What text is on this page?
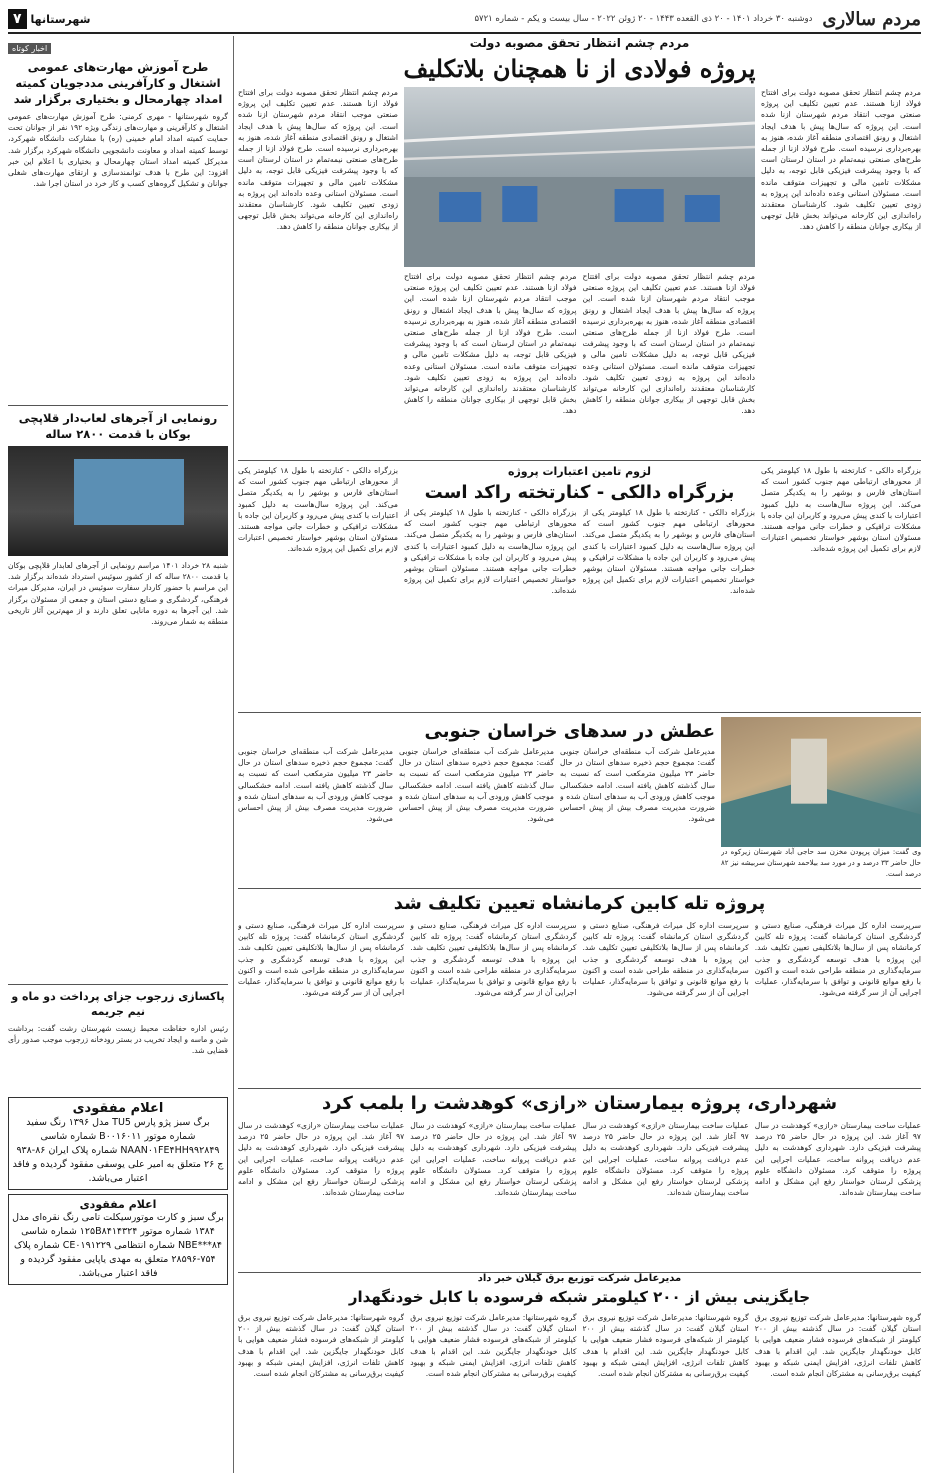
مردم سالاری
دوشنبه ۳۰ خرداد ۱۴۰۱ - ۲۰ ذی القعده ۱۴۴۳ - ۲۰ ژوئن ۲۰۲۲ - سال بیست و یکم - شماره ۵۷۲۱
شهرستانها
۷
مردم چشم انتظار تحقق مصوبه دولت
پروژه فولادی از نا همچنان بلاتکلیف
مردم چشم انتظار تحقق مصوبه دولت برای افتتاح فولاد ازنا هستند. عدم تعیین تکلیف این پروژه صنعتی موجب انتقاد مردم شهرستان ازنا شده است. این پروژه که سال‌ها پیش با هدف ایجاد اشتغال و رونق اقتصادی منطقه آغاز شده، هنوز به بهره‌برداری نرسیده است. طرح فولاد ازنا از جمله طرح‌های صنعتی نیمه‌تمام در استان لرستان است که با وجود پیشرفت فیزیکی قابل توجه، به دلیل مشکلات تامین مالی و تجهیزات متوقف مانده است. مسئولان استانی وعده داده‌اند این پروژه به زودی تعیین تکلیف شود. کارشناسان معتقدند راه‌اندازی این کارخانه می‌تواند بخش قابل توجهی از بیکاری جوانان منطقه را کاهش دهد.
مردم چشم انتظار تحقق مصوبه دولت برای افتتاح فولاد ازنا هستند. عدم تعیین تکلیف این پروژه صنعتی موجب انتقاد مردم شهرستان ازنا شده است. این پروژه که سال‌ها پیش با هدف ایجاد اشتغال و رونق اقتصادی منطقه آغاز شده، هنوز به بهره‌برداری نرسیده است. طرح فولاد ازنا از جمله طرح‌های صنعتی نیمه‌تمام در استان لرستان است که با وجود پیشرفت فیزیکی قابل توجه، به دلیل مشکلات تامین مالی و تجهیزات متوقف مانده است. مسئولان استانی وعده داده‌اند این پروژه به زودی تعیین تکلیف شود. کارشناسان معتقدند راه‌اندازی این کارخانه می‌تواند بخش قابل توجهی از بیکاری جوانان منطقه را کاهش دهد.
مردم چشم انتظار تحقق مصوبه دولت برای افتتاح فولاد ازنا هستند. عدم تعیین تکلیف این پروژه صنعتی موجب انتقاد مردم شهرستان ازنا شده است. این پروژه که سال‌ها پیش با هدف ایجاد اشتغال و رونق اقتصادی منطقه آغاز شده، هنوز به بهره‌برداری نرسیده است. طرح فولاد ازنا از جمله طرح‌های صنعتی نیمه‌تمام در استان لرستان است که با وجود پیشرفت فیزیکی قابل توجه، به دلیل مشکلات تامین مالی و تجهیزات متوقف مانده است. مسئولان استانی وعده داده‌اند این پروژه به زودی تعیین تکلیف شود. کارشناسان معتقدند راه‌اندازی این کارخانه می‌تواند بخش قابل توجهی از بیکاری جوانان منطقه را کاهش دهد.
مردم چشم انتظار تحقق مصوبه دولت برای افتتاح فولاد ازنا هستند. عدم تعیین تکلیف این پروژه صنعتی موجب انتقاد مردم شهرستان ازنا شده است. این پروژه که سال‌ها پیش با هدف ایجاد اشتغال و رونق اقتصادی منطقه آغاز شده، هنوز به بهره‌برداری نرسیده است. طرح فولاد ازنا از جمله طرح‌های صنعتی نیمه‌تمام در استان لرستان است که با وجود پیشرفت فیزیکی قابل توجه، به دلیل مشکلات تامین مالی و تجهیزات متوقف مانده است. مسئولان استانی وعده داده‌اند این پروژه به زودی تعیین تکلیف شود. کارشناسان معتقدند راه‌اندازی این کارخانه می‌تواند بخش قابل توجهی از بیکاری جوانان منطقه را کاهش دهد.
بزرگراه دالکی - کنارتخته با طول ۱۸ کیلومتر یکی از محورهای ارتباطی مهم جنوب کشور است که استان‌های فارس و بوشهر را به یکدیگر متصل می‌کند. این پروژه سال‌هاست به دلیل کمبود اعتبارات با کندی پیش می‌رود و کاربران این جاده با مشکلات ترافیکی و خطرات جانی مواجه هستند. مسئولان استان بوشهر خواستار تخصیص اعتبارات لازم برای تکمیل این پروژه شده‌اند.
لزوم تامین اعتبارات پروژه
بزرگراه دالکی - کنارتخته راکد است
بزرگراه دالکی - کنارتخته با طول ۱۸ کیلومتر یکی از محورهای ارتباطی مهم جنوب کشور است که استان‌های فارس و بوشهر را به یکدیگر متصل می‌کند. این پروژه سال‌هاست به دلیل کمبود اعتبارات با کندی پیش می‌رود و کاربران این جاده با مشکلات ترافیکی و خطرات جانی مواجه هستند. مسئولان استان بوشهر خواستار تخصیص اعتبارات لازم برای تکمیل این پروژه شده‌اند.
بزرگراه دالکی - کنارتخته با طول ۱۸ کیلومتر یکی از محورهای ارتباطی مهم جنوب کشور است که استان‌های فارس و بوشهر را به یکدیگر متصل می‌کند. این پروژه سال‌هاست به دلیل کمبود اعتبارات با کندی پیش می‌رود و کاربران این جاده با مشکلات ترافیکی و خطرات جانی مواجه هستند. مسئولان استان بوشهر خواستار تخصیص اعتبارات لازم برای تکمیل این پروژه شده‌اند.
بزرگراه دالکی - کنارتخته با طول ۱۸ کیلومتر یکی از محورهای ارتباطی مهم جنوب کشور است که استان‌های فارس و بوشهر را به یکدیگر متصل می‌کند. این پروژه سال‌هاست به دلیل کمبود اعتبارات با کندی پیش می‌رود و کاربران این جاده با مشکلات ترافیکی و خطرات جانی مواجه هستند. مسئولان استان بوشهر خواستار تخصیص اعتبارات لازم برای تکمیل این پروژه شده‌اند.
وی گفت: میزان پرپودن مخزن سد حاجی آباد شهرستان زیرکوه در حال حاضر ۳۳ درصد و در مورد سد بیلاحمد شهرستان سربیشه نیز ۸۲ درصد است.
عطش در سدهای خراسان جنوبی
مدیرعامل شرکت آب منطقه‌ای خراسان جنوبی گفت: مجموع حجم ذخیره سدهای استان در حال حاضر ۲۳ میلیون مترمکعب است که نسبت به سال گذشته کاهش یافته است. ادامه خشکسالی موجب کاهش ورودی آب به سدهای استان شده و ضرورت مدیریت مصرف بیش از پیش احساس می‌شود.
مدیرعامل شرکت آب منطقه‌ای خراسان جنوبی گفت: مجموع حجم ذخیره سدهای استان در حال حاضر ۲۳ میلیون مترمکعب است که نسبت به سال گذشته کاهش یافته است. ادامه خشکسالی موجب کاهش ورودی آب به سدهای استان شده و ضرورت مدیریت مصرف بیش از پیش احساس می‌شود.
مدیرعامل شرکت آب منطقه‌ای خراسان جنوبی گفت: مجموع حجم ذخیره سدهای استان در حال حاضر ۲۳ میلیون مترمکعب است که نسبت به سال گذشته کاهش یافته است. ادامه خشکسالی موجب کاهش ورودی آب به سدهای استان شده و ضرورت مدیریت مصرف بیش از پیش احساس می‌شود.
پروژه تله کابین کرمانشاه تعیین تکلیف شد
سرپرست اداره کل میراث فرهنگی، صنایع دستی و گردشگری استان کرمانشاه گفت: پروژه تله کابین کرمانشاه پس از سال‌ها بلاتکلیفی تعیین تکلیف شد. این پروژه با هدف توسعه گردشگری و جذب سرمایه‌گذاری در منطقه طراحی شده است و اکنون با رفع موانع قانونی و توافق با سرمایه‌گذار، عملیات اجرایی آن از سر گرفته می‌شود.
سرپرست اداره کل میراث فرهنگی، صنایع دستی و گردشگری استان کرمانشاه گفت: پروژه تله کابین کرمانشاه پس از سال‌ها بلاتکلیفی تعیین تکلیف شد. این پروژه با هدف توسعه گردشگری و جذب سرمایه‌گذاری در منطقه طراحی شده است و اکنون با رفع موانع قانونی و توافق با سرمایه‌گذار، عملیات اجرایی آن از سر گرفته می‌شود.
سرپرست اداره کل میراث فرهنگی، صنایع دستی و گردشگری استان کرمانشاه گفت: پروژه تله کابین کرمانشاه پس از سال‌ها بلاتکلیفی تعیین تکلیف شد. این پروژه با هدف توسعه گردشگری و جذب سرمایه‌گذاری در منطقه طراحی شده است و اکنون با رفع موانع قانونی و توافق با سرمایه‌گذار، عملیات اجرایی آن از سر گرفته می‌شود.
سرپرست اداره کل میراث فرهنگی، صنایع دستی و گردشگری استان کرمانشاه گفت: پروژه تله کابین کرمانشاه پس از سال‌ها بلاتکلیفی تعیین تکلیف شد. این پروژه با هدف توسعه گردشگری و جذب سرمایه‌گذاری در منطقه طراحی شده است و اکنون با رفع موانع قانونی و توافق با سرمایه‌گذار، عملیات اجرایی آن از سر گرفته می‌شود.
شهرداری، پروژه بیمارستان «رازی» کوهدشت را بلمب کرد
عملیات ساخت بیمارستان «رازی» کوهدشت در سال ۹۷ آغاز شد. این پروژه در حال حاضر ۲۵ درصد پیشرفت فیزیکی دارد. شهرداری کوهدشت به دلیل عدم دریافت پروانه ساخت، عملیات اجرایی این پروژه را متوقف کرد. مسئولان دانشگاه علوم پزشکی لرستان خواستار رفع این مشکل و ادامه ساخت بیمارستان شده‌اند.
عملیات ساخت بیمارستان «رازی» کوهدشت در سال ۹۷ آغاز شد. این پروژه در حال حاضر ۲۵ درصد پیشرفت فیزیکی دارد. شهرداری کوهدشت به دلیل عدم دریافت پروانه ساخت، عملیات اجرایی این پروژه را متوقف کرد. مسئولان دانشگاه علوم پزشکی لرستان خواستار رفع این مشکل و ادامه ساخت بیمارستان شده‌اند.
عملیات ساخت بیمارستان «رازی» کوهدشت در سال ۹۷ آغاز شد. این پروژه در حال حاضر ۲۵ درصد پیشرفت فیزیکی دارد. شهرداری کوهدشت به دلیل عدم دریافت پروانه ساخت، عملیات اجرایی این پروژه را متوقف کرد. مسئولان دانشگاه علوم پزشکی لرستان خواستار رفع این مشکل و ادامه ساخت بیمارستان شده‌اند.
عملیات ساخت بیمارستان «رازی» کوهدشت در سال ۹۷ آغاز شد. این پروژه در حال حاضر ۲۵ درصد پیشرفت فیزیکی دارد. شهرداری کوهدشت به دلیل عدم دریافت پروانه ساخت، عملیات اجرایی این پروژه را متوقف کرد. مسئولان دانشگاه علوم پزشکی لرستان خواستار رفع این مشکل و ادامه ساخت بیمارستان شده‌اند.
مدیرعامل شرکت توزیع برق گیلان خبر داد
جایگزینی بیش از ۲۰۰ کیلومتر شبکه فرسوده با کابل خودنگهدار
گروه شهرستانها: مدیرعامل شرکت توزیع نیروی برق استان گیلان گفت: در سال گذشته بیش از ۲۰۰ کیلومتر از شبکه‌های فرسوده فشار ضعیف هوایی با کابل خودنگهدار جایگزین شد. این اقدام با هدف کاهش تلفات انرژی، افزایش ایمنی شبکه و بهبود کیفیت برق‌رسانی به مشترکان انجام شده است.
گروه شهرستانها: مدیرعامل شرکت توزیع نیروی برق استان گیلان گفت: در سال گذشته بیش از ۲۰۰ کیلومتر از شبکه‌های فرسوده فشار ضعیف هوایی با کابل خودنگهدار جایگزین شد. این اقدام با هدف کاهش تلفات انرژی، افزایش ایمنی شبکه و بهبود کیفیت برق‌رسانی به مشترکان انجام شده است.
گروه شهرستانها: مدیرعامل شرکت توزیع نیروی برق استان گیلان گفت: در سال گذشته بیش از ۲۰۰ کیلومتر از شبکه‌های فرسوده فشار ضعیف هوایی با کابل خودنگهدار جایگزین شد. این اقدام با هدف کاهش تلفات انرژی، افزایش ایمنی شبکه و بهبود کیفیت برق‌رسانی به مشترکان انجام شده است.
گروه شهرستانها: مدیرعامل شرکت توزیع نیروی برق استان گیلان گفت: در سال گذشته بیش از ۲۰۰ کیلومتر از شبکه‌های فرسوده فشار ضعیف هوایی با کابل خودنگهدار جایگزین شد. این اقدام با هدف کاهش تلفات انرژی، افزایش ایمنی شبکه و بهبود کیفیت برق‌رسانی به مشترکان انجام شده است.
اخبار کوتاه
طرح آموزش مهارت‌های عمومی اشتغال و کارآفرینی مددجویان کمیته امداد چهارمحال و بختیاری برگزار شد
گروه شهرستانها - مهری کرمنی: طرح آموزش مهارت‌های عمومی اشتغال و کارآفرینی و مهارت‌های زندگی ویژه ۱۹۲ نفر از جوانان تحت حمایت کمیته امداد امام خمینی (ره) با مشارکت دانشگاه شهرکرد، توسط کمیته امداد و معاونت دانشجویی دانشگاه شهرکرد برگزار شد. مدیرکل کمیته امداد استان چهارمحال و بختیاری با اعلام این خبر افزود: این طرح با هدف توانمندسازی و ارتقای مهارت‌های شغلی جوانان و تشکیل گروه‌های کسب و کار خرد در استان اجرا شد.
رونمایی از آجرهای لعاب‌دار قلاپچی بوکان با قدمت ۲۸۰۰ ساله
شنبه ۲۸ خرداد ۱۴۰۱ مراسم رونمایی از آجرهای لعابدار قلاپچی بوکان با قدمت ۲۸۰۰ ساله که از کشور سوئیس استرداد شده‌اند برگزار شد. این مراسم با حضور کاردار سفارت سوئیس در ایران، مدیرکل میراث فرهنگی، گردشگری و صنایع دستی استان و جمعی از مسئولان برگزار شد. این آجرها به دوره مانایی تعلق دارند و از مهم‌ترین آثار تاریخی منطقه به شمار می‌روند.
پاکسازی زرجوب جزای پرداخت دو ماه و نیم جریمه
رئیس اداره حفاظت محیط زیست شهرستان رشت گفت: برداشت شن و ماسه و ایجاد تخریب در بستر رودخانه زرجوب موجب صدور رأی قضایی شد.
اعلام مفقودی
برگ سبز پژو پارس TU5 مدل ۱۳۹۶ رنگ سفید شماره موتور B۰۰۱۶۰۱۱ شماره شاسی NAAN۰۱FE۴HH۹۹۲۸۴۹ شماره پلاک ایران ۸۶-۹۳۸ ج ۲۶ متعلق به امیر علی یوسفی مفقود گردیده و فاقد اعتبار می‌باشد.
اعلام مفقودی
برگ سبز و کارت موتورسیکلت تامی رنگ نقره‌ای مدل ۱۳۸۴ شماره موتور ۱۲۵B۸۴۱۴۳۲۴ شماره شاسی NBE***۸۴ شماره انتظامی CE۰۱۹۱۲۲۹ شماره پلاک ۷۵۴-۲۸۵۹۶ متعلق به مهدی یاپایی مفقود گردیده و فاقد اعتبار می‌باشد.
